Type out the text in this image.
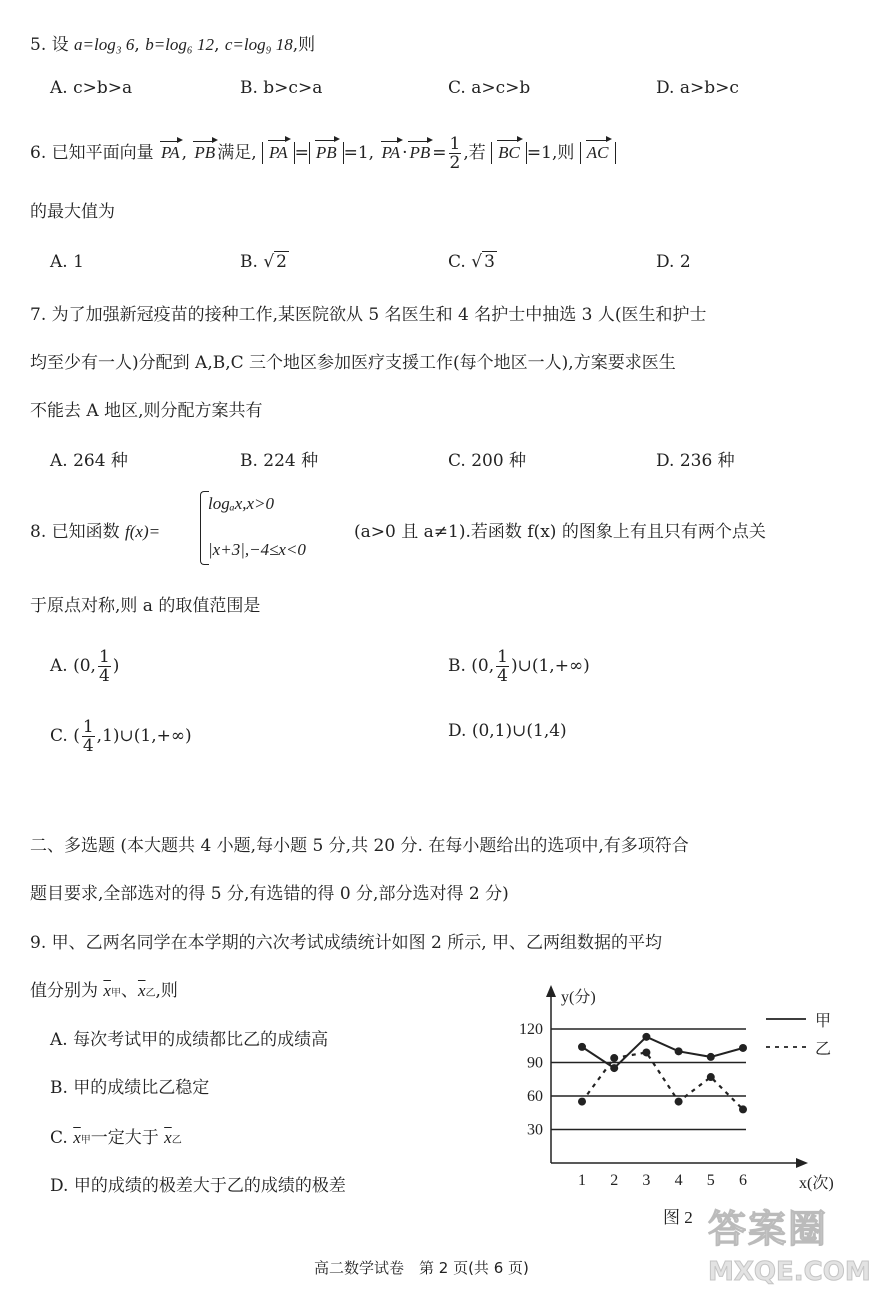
5. 设 a=log₃ 6, b=log₆ 12, c=log₉ 18,则
A. c>b>a	B. b>c>a	C. a>c>b	D. a>b>c
6. 已知平面向量 PA , PB 满足, PA = PB =1, PA · PB = $\frac{1}{2}$ ,若 BC =1,则 AC
的最大值为
A. 1	B. √ 2	C. √ 3	D. 2
7. 为了加强新冠疫苗的接种工作,某医院欲从 5 名医生和 4 名护士中抽选 3 人(医生和护士
均至少有一人)分配到 A,B,C 三个地区参加医疗支援工作(每个地区一人),方案要求医生
不能去 A 地区,则分配方案共有
A. 264 种	B. 224 种	C. 200 种	D. 236 种
8. 已知函数 f(x)=
logₐx,x>0
|x+3|,−4≤x<0
(a>0 且 a≠1).若函数 f(x) 的图象上有且只有两个点关
于原点对称,则 a 的取值范围是
A. (0, $\frac{1}{4}$ )	B. (0, $\frac{1}{4}$ )∪(1,+∞)
C. ( $\frac{1}{4}$ ,1)∪(1,+∞)	D. (0,1)∪(1,4)
二、多选题 (本大题共 4 小题,每小题 5 分,共 20 分. 在每小题给出的选项中,有多项符合
题目要求,全部选对的得 5 分,有选错的得 0 分,部分选对得 2 分)
9. 甲、乙两名同学在本学期的六次考试成绩统计如图 2 所示, 甲、乙两组数据的平均
值分别为 $\overline{x}$甲、$\overline{x}$乙,则
A. 每次考试甲的成绩都比乙的成绩高
B. 甲的成绩比乙稳定
C. $\overline{x}$甲一定大于 $\overline{x}$乙
D. 甲的成绩的极差大于乙的成绩的极差
30
60
90
120
1 2 3 4 5 6
y(分)
x(次)
图 2
甲
乙
高二数学试卷　第 2 页(共 6 页)
答案圈
MXQE.COM
